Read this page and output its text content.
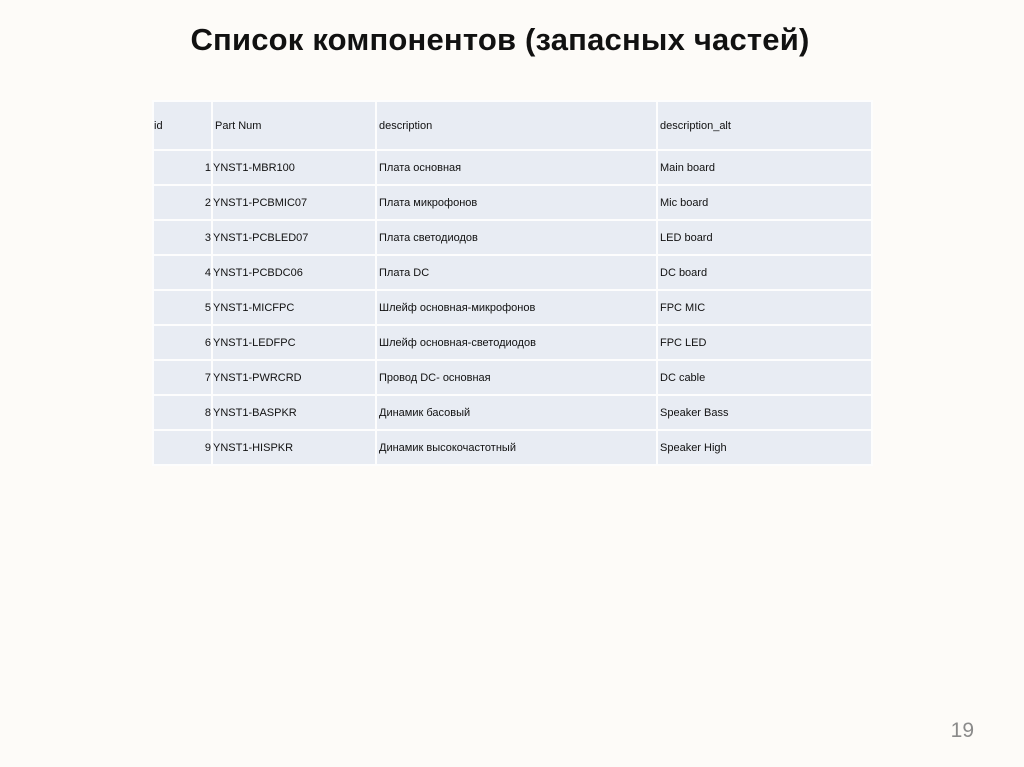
Список компонентов (запасных частей)
id	Part Num	description	description_alt
1	YNST1-MBR100	Плата основная	Main board
2	YNST1-PCBMIC07	Плата микрофонов	Mic board
3	YNST1-PCBLED07	Плата светодиодов	LED board
4	YNST1-PCBDC06	Плата DC	DC board
5	YNST1-MICFPC	Шлейф основная-микрофонов	FPC MIC
6	YNST1-LEDFPC	Шлейф основная-светодиодов	FPC LED
7	YNST1-PWRCRD	Провод DC- основная	DC cable
8	YNST1-BASPKR	Динамик басовый	Speaker Bass
9	YNST1-HISPKR	Динамик высокочастотный	Speaker High
19
